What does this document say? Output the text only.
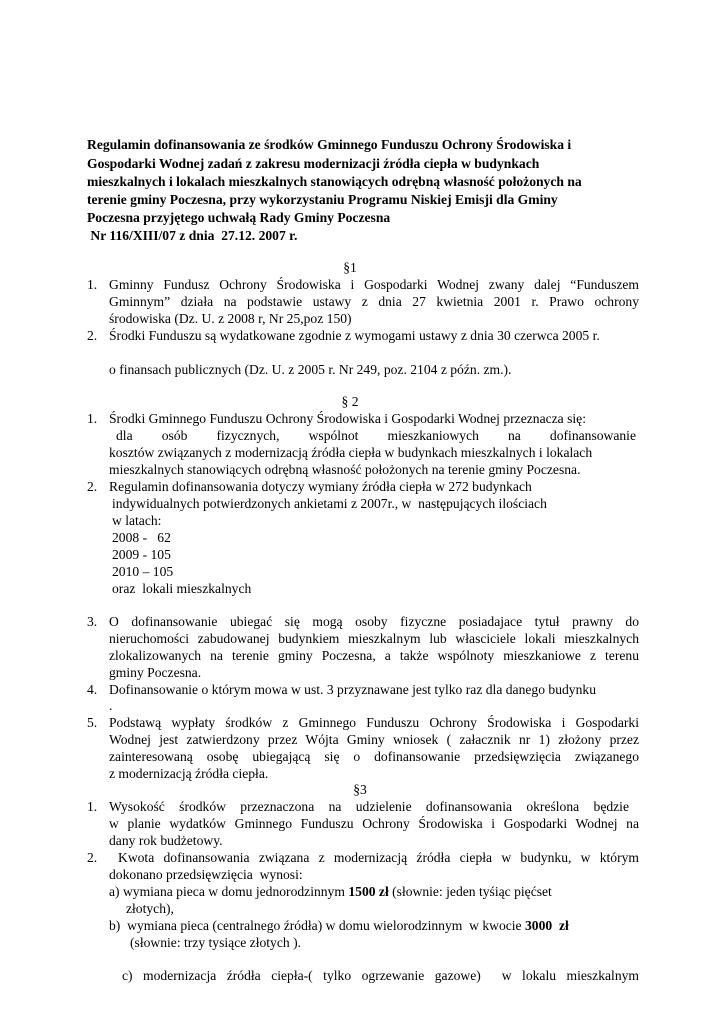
Regulamin dofinansowania ze środków Gminnego Funduszu Ochrony Środowiska i
Gospodarki Wodnej zadań z zakresu modernizacji źródła ciepła w budynkach
mieszkalnych i lokalach mieszkalnych stanowiących odrębną własność położonych na
terenie gminy Poczesna, przy wykorzystaniu Programu Niskiej Emisji dla Gminy
Poczesna przyjętego uchwałą Rady Gminy Poczesna
Nr 116/XIII/07 z dnia  27.12. 2007 r.
§1
1. Gminny Fundusz Ochrony Środowiska i Gospodarki Wodnej zwany dalej “Funduszem
Gminnym” działa na podstawie ustawy z dnia 27 kwietnia 2001 r. Prawo ochrony
środowiska (Dz. U. z 2008 r, Nr 25,poz 150)
2. Środki Funduszu są wydatkowane zgodnie z wymogami ustawy z dnia 30 czerwca 2005 r.
o finansach publicznych (Dz. U. z 2005 r. Nr 249, poz. 2104 z późn. zm.).
§ 2
1. Środki Gminnego Funduszu Ochrony Środowiska i Gospodarki Wodnej przeznacza się:
dla  osób  fizycznych,  wspólnot  mieszkaniowych  na  dofinansowanie
kosztów związanych z modernizacją źródła ciepła w budynkach mieszkalnych i lokalach
mieszkalnych stanowiących odrębną własność położonych na terenie gminy Poczesna.
2. Regulamin dofinansowania dotyczy wymiany źródła ciepła w 272 budynkach
indywidualnych potwierdzonych ankietami z 2007r., w  następujących ilościach
w latach:
2008 -   62
2009 - 105
2010 – 105
oraz  lokali mieszkalnych
3. O dofinansowanie ubiegać się mogą osoby fizyczne posiadajace tytuł prawny do
nieruchomości zabudowanej budynkiem mieszkalnym lub własciciele lokali mieszkalnych
zlokalizowanych na terenie gminy Poczesna, a także wspólnoty mieszkaniowe z terenu
gminy Poczesna.
4. Dofinansowanie o którym mowa w ust. 3 przyznawane jest tylko raz dla danego budynku
.
5. Podstawą wypłaty środków z Gminnego Funduszu Ochrony Środowiska i Gospodarki
Wodnej jest zatwierdzony przez Wójta Gminy wniosek ( załacznik nr 1) złożony przez
zainteresowaną osobę ubiegającą się o dofinansowanie przedsięwzięcia związanego
z modernizacją źródła ciepła.
§3
1. Wysokość  środków  przeznaczona  na  udzielenie  dofinansowania  określona  będzie
w planie wydatków Gminnego Funduszu Ochrony Środowiska i Gospodarki Wodnej na
dany rok budżetowy.
2. Kwota dofinansowania związana z modernizacją źródła ciepła w budynku, w którym
dokonano przedsięwzięcia  wynosi:
a) wymiana pieca w domu jednorodzinnym 1500 zł (słownie: jeden tyśiąc pięćset
złotych),
b)  wymiana pieca (centralnego źródła) w domu wielorodzinnym  w kwocie 3000  zł
(słownie: trzy tysiące złotych ).
c) modernizacja źródła ciepła-( tylko ogrzewanie gazowe)  w lokalu mieszkalnym
